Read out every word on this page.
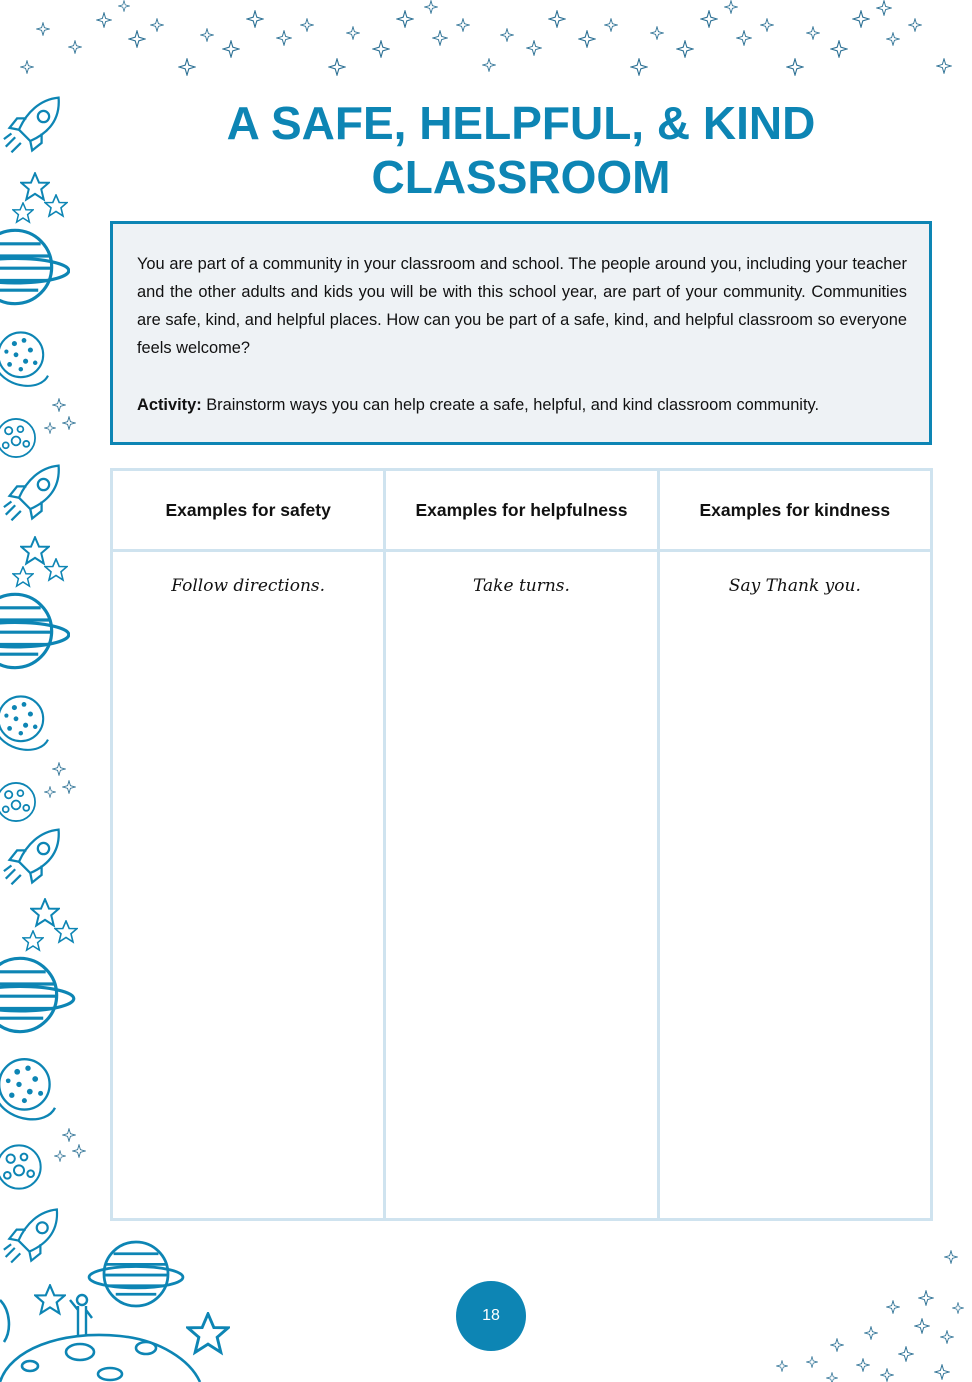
A SAFE, HELPFUL, & KIND
CLASSROOM
You are part of a community in your classroom and school. The people around you, including your teacher and the other adults and kids you will be with this school year, are part of your community. Communities are safe, kind, and helpful places. How can you be part of a safe, kind, and helpful classroom so everyone feels welcome?
Activity: Brainstorm ways you can help create a safe, helpful, and kind classroom community.
Examples for safety	Examples for helpfulness	Examples for kindness
Follow directions.	Take turns.	Say Thank you.
18
